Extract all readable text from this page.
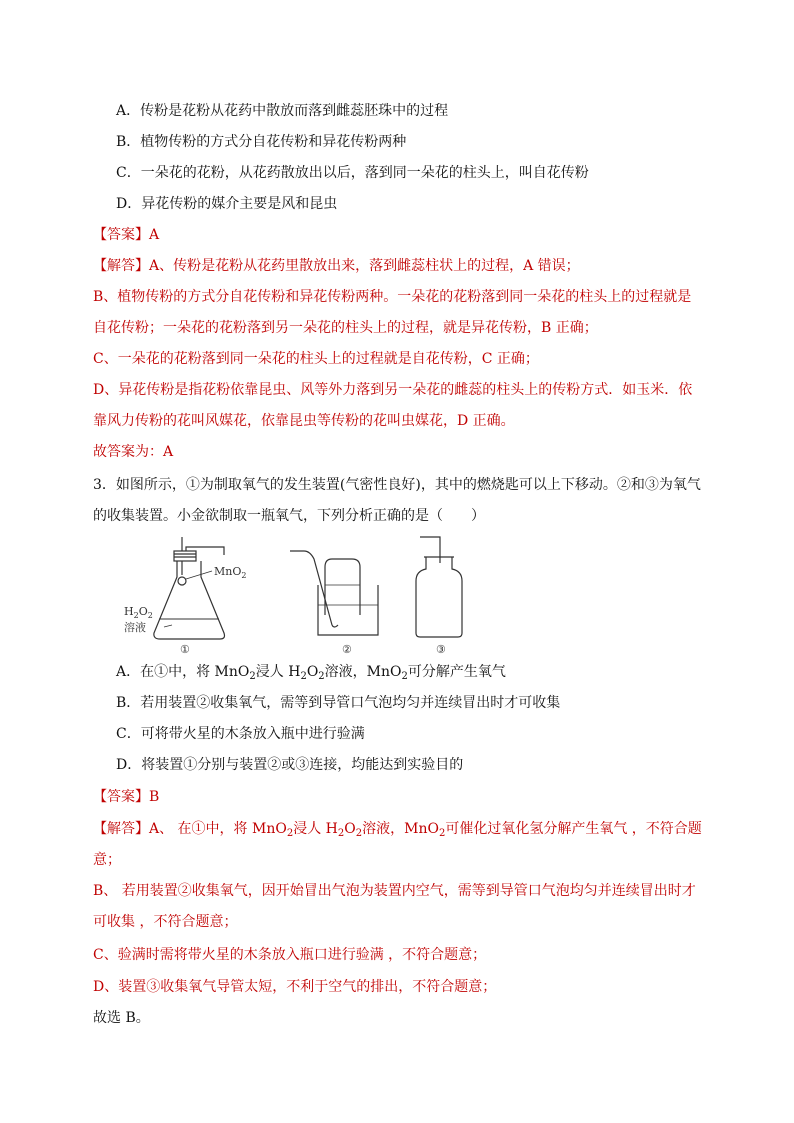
A．传粉是花粉从花药中散放而落到雌蕊胚珠中的过程
B．植物传粉的方式分自花传粉和异花传粉两种
C．一朵花的花粉，从花药散放出以后，落到同一朵花的柱头上，叫自花传粉
D．异花传粉的媒介主要是风和昆虫
【答案】A
【解答】A、传粉是花粉从花药里散放出来，落到雌蕊柱状上的过程，A 错误；
B、植物传粉的方式分自花传粉和异花传粉两种。一朵花的花粉落到同一朵花的柱头上的过程就是
自花传粉；一朵花的花粉落到另一朵花的柱头上的过程，就是异花传粉，B 正确；
C、一朵花的花粉落到同一朵花的柱头上的过程就是自花传粉，C 正确；
D、异花传粉是指花粉依靠昆虫、风等外力落到另一朵花的雌蕊的柱头上的传粉方式．如玉米．依
靠风力传粉的花叫风媒花，依靠昆虫等传粉的花叫虫媒花，D 正确。
故答案为：A
3．如图所示，①为制取氧气的发生装置(气密性良好)，其中的燃烧匙可以上下移动。②和③为氧气
的收集装置。小金欲制取一瓶氧气，下列分析正确的是（　　）
$H_2O_2$
溶液
MnO$_2$
①	②	③
A．在①中，将 MnO$_2$浸人 $H_2O_2$溶液，MnO$_2$可分解产生氧气
B．若用装置②收集氧气，需等到导管口气泡均匀并连续冒出时才可收集
C．可将带火星的木条放入瓶中进行验满
D．将装置①分别与装置②或③连接，均能达到实验目的
【答案】B
【解答】A、 在①中，将 MnO$_2$浸人 $H_2O_2$溶液，MnO$_2$可催化过氧化氢分解产生氧气 ，不符合题
意；
B、 若用装置②收集氧气，因开始冒出气泡为装置内空气，需等到导管口气泡均匀并连续冒出时才
可收集 ，不符合题意；
C、验满时需将带火星的木条放入瓶口进行验满 ，不符合题意；
D、装置③收集氧气导管太短，不利于空气的排出，不符合题意；
故选 B。
